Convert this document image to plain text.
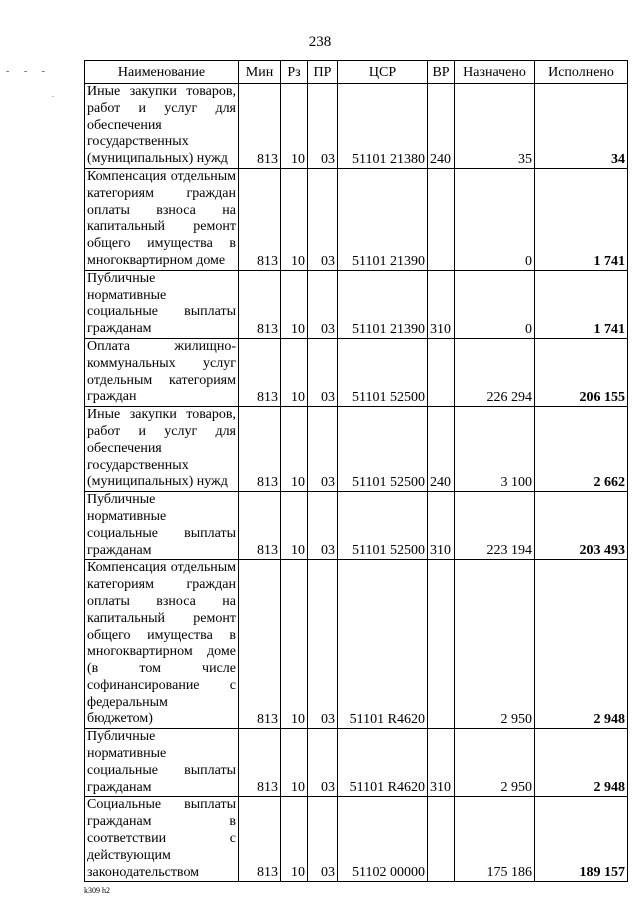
238
- - -
.
Наименование	Мин	Рз	ПР	ЦСР	ВР	Назначено	Исполнено
Иные закупки товаров, работ и услуг для обеспечения государственных (муниципальных) нужд	813	10	03	51101 21380	240	35	34
Компенсация отдельным категориям граждан оплаты взноса на капитальный ремонт общего имущества в многоквартирном доме	813	10	03	51101 21390		0	1 741
Публичные нормативные социальные выплаты гражданам	813	10	03	51101 21390	310	0	1 741
Оплата жилищно-коммунальных услуг отдельным категориям граждан	813	10	03	51101 52500		226 294	206 155
Иные закупки товаров, работ и услуг для обеспечения государственных (муниципальных) нужд	813	10	03	51101 52500	240	3 100	2 662
Публичные нормативные социальные выплаты гражданам	813	10	03	51101 52500	310	223 194	203 493
Компенсация отдельным категориям граждан оплаты взноса на капитальный ремонт общего имущества в многоквартирном доме (в том числе софинансирование с федеральным бюджетом)	813	10	03	51101 R4620		2 950	2 948
Публичные нормативные социальные выплаты гражданам	813	10	03	51101 R4620	310	2 950	2 948
Социальные выплаты гражданам в соответствии с действующим законодательством	813	10	03	51102 00000		175 186	189 157
k309 h2
